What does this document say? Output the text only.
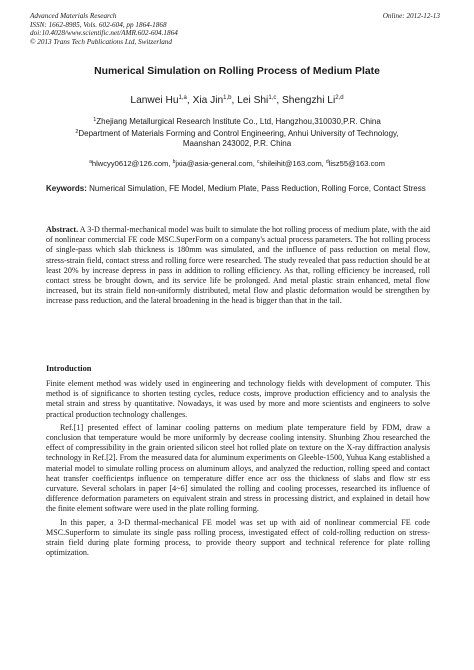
Advanced Materials Research
ISSN: 1662-8985, Vols. 602-604, pp 1864-1868
doi:10.4028/www.scientific.net/AMR.602-604.1864
© 2013 Trans Tech Publications Ltd, Switzerland
Online: 2012-12-13
Numerical Simulation on Rolling Process of Medium Plate
Lanwei Hu$^{1,a}$, Xia Jin$^{1,b}$, Lei Shi$^{1,c}$, Shengzhi Li$^{2,d}$
$^1$Zhejiang Metallurgical Research Institute Co., Ltd, Hangzhou,310030,P.R. China
$^2$Department of Materials Forming and Control Engineering, Anhui University of Technology,
Maanshan 243002, P.R. China
$^a$hlwcyy0612@126.com, $^b$jxia@asia-general.com, $^c$shileihit@163.com, $^d$lisz55@163.com
Keywords: Numerical Simulation, FE Model, Medium Plate, Pass Reduction, Rolling Force, Contact Stress
Abstract. A 3-D thermal-mechanical model was built to simulate the hot rolling process of medium plate, with the aid of nonlinear commercial FE code MSC.SuperForm on a company's actual process parameters. The hot rolling process of single-pass which slab thickness is 180mm was simulated, and the influence of pass reduction on metal flow, stress-strain field, contact stress and rolling force were researched. The study revealed that pass reduction should be at least 20% by increase depress in pass in addition to rolling efficiency. As that, rolling efficiency be increased, roll contact stress be brought down, and its service life be prolonged. And metal plastic strain enhanced, metal flow increased, but its strain field non-uniformly distributed, metal flow and plastic deformation would be strengthen by increase pass reduction, and the lateral broadening in the head is bigger than that in the tail.
Introduction

Finite element method was widely used in engineering and technology fields with development of computer. This method is of significance to shorten testing cycles, reduce costs, improve production efficiency and to analysis the metal strain and stress by quantitative. Nowadays, it was used by more and more scientists and engineers to solve practical production technology challenges.

Ref.[1] presented effect of laminar cooling patterns on medium plate temperature field by FDM, draw a conclusion that temperature would be more uniformly by decrease cooling intensity. Shunbing Zhou researched the effect of compressibility in the grain oriented silicon steel hot rolled plate on texture on the X-ray diffraction analysis technology in Ref.[2]. From the measured data for aluminum experiments on Gleeble-1500, Yuhua Kang established a material model to simulate rolling process on aluminum alloys, and analyzed the reduction, rolling speed and contact heat transfer coefficientps influence on temperature differ ence acr oss the thickness of slabs and flow str ess curvature. Several scholars in paper [4~6] simulated the rolling and cooling processes, researched its influence of difference deformation parameters on equivalent strain and stress in processing district, and explained in detail how the finite element software were used in the plate rolling forming.

In this paper, a 3-D thermal-mechanical FE model was set up with aid of nonlinear commercial FE code MSC.Superform to simulate its single pass rolling process, investigated effect of cold-rolling reduction on stress-strain field during plate forming process, to provide theory support and technical reference for plate rolling optimization.
